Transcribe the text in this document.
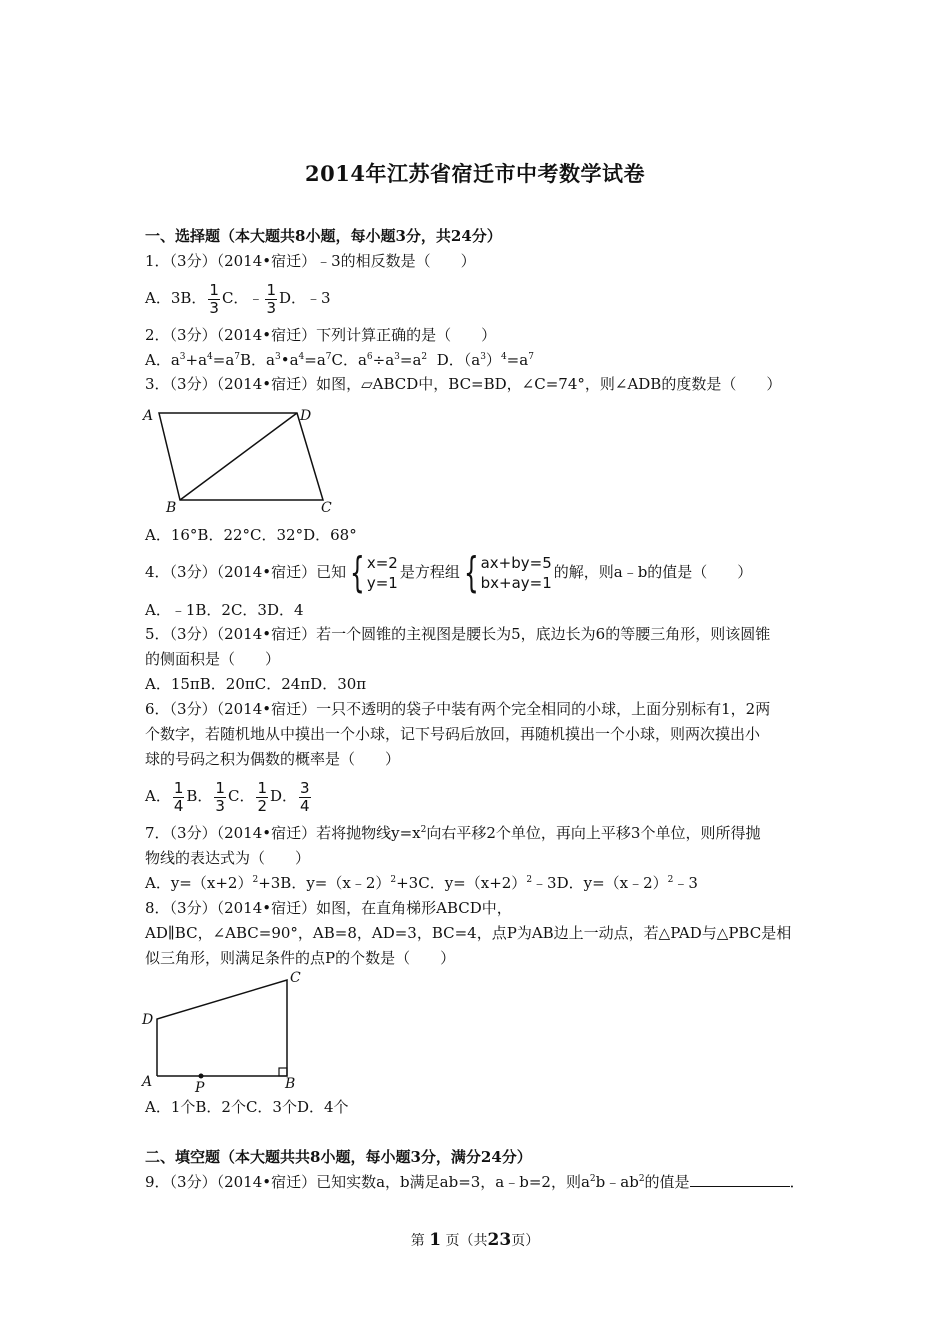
2014年江苏省宿迁市中考数学试卷
一、选择题（本大题共8小题，每小题3分，共24分）
1．（3分）（2014•宿迁）﹣3的相反数是（　　）
A．3B． $\frac{1}{3}$ C．﹣ $\frac{1}{3}$ D．﹣3
2．（3分）（2014•宿迁）下列计算正确的是（　　）
A．$a^3+a^4=a^7B$．$a^3•a^4=a^7C$．$a^6\div a^3=a^2$ D．$(a^3)^4=a^7$
3．（3分）（2014•宿迁）如图，▱ABCD中，BC=BD，∠C=74°，则∠ADB的度数是（　　）
A	D
B	C
A．16°B．22°C．32°D．68°
4．（3分）（2014•宿迁）已知 { x=2
y=1
是方程组 { ax+by=5
bx+ay=1
的解，则a﹣b的值是（　　）
A．﹣1B．2C．3D．4
5．（3分）（2014•宿迁）若一个圆锥的主视图是腰长为5，底边长为6的等腰三角形，则该圆锥
的侧面积是（　　）
A．15πB．20πC．24πD．30π
6．（3分）（2014•宿迁）一只不透明的袋子中装有两个完全相同的小球，上面分别标有1，2两
个数字，若随机地从中摸出一个小球，记下号码后放回，再随机摸出一个小球，则两次摸出小
球的号码之积为偶数的概率是（　　）
A． $\frac{1}{4}$ B． $\frac{1}{3}$ C． $\frac{1}{2}$ D． $\frac{3}{4}$
7．（3分）（2014•宿迁）若将抛物线$y=x^2$向右平移2个单位，再向上平移3个单位，则所得抛
物线的表达式为（　　）
A．$y=(x+2)^2+3B$．y=（x﹣2）$^2$+3C．$y=(x+2)^2﹣3D$．y=（x﹣2）$^2$﹣3
8．（3分）（2014•宿迁）如图，在直角梯形ABCD中，
AD∥BC，∠ABC=90°，AB=8，AD=3，BC=4，点P为AB边上一动点，若△PAD与△PBC是相
似三角形，则满足条件的点P的个数是（　　）
D
C
A	P	B
A．1个B．2个C．3个D．4个
二、填空题（本大题共共8小题，每小题3分，满分24分）
9．（3分）（2014•宿迁）已知实数a，b满足ab=3，a﹣b=2，则$a^2b﹣ab^2$的值是	．
第 1 页（共23页）
